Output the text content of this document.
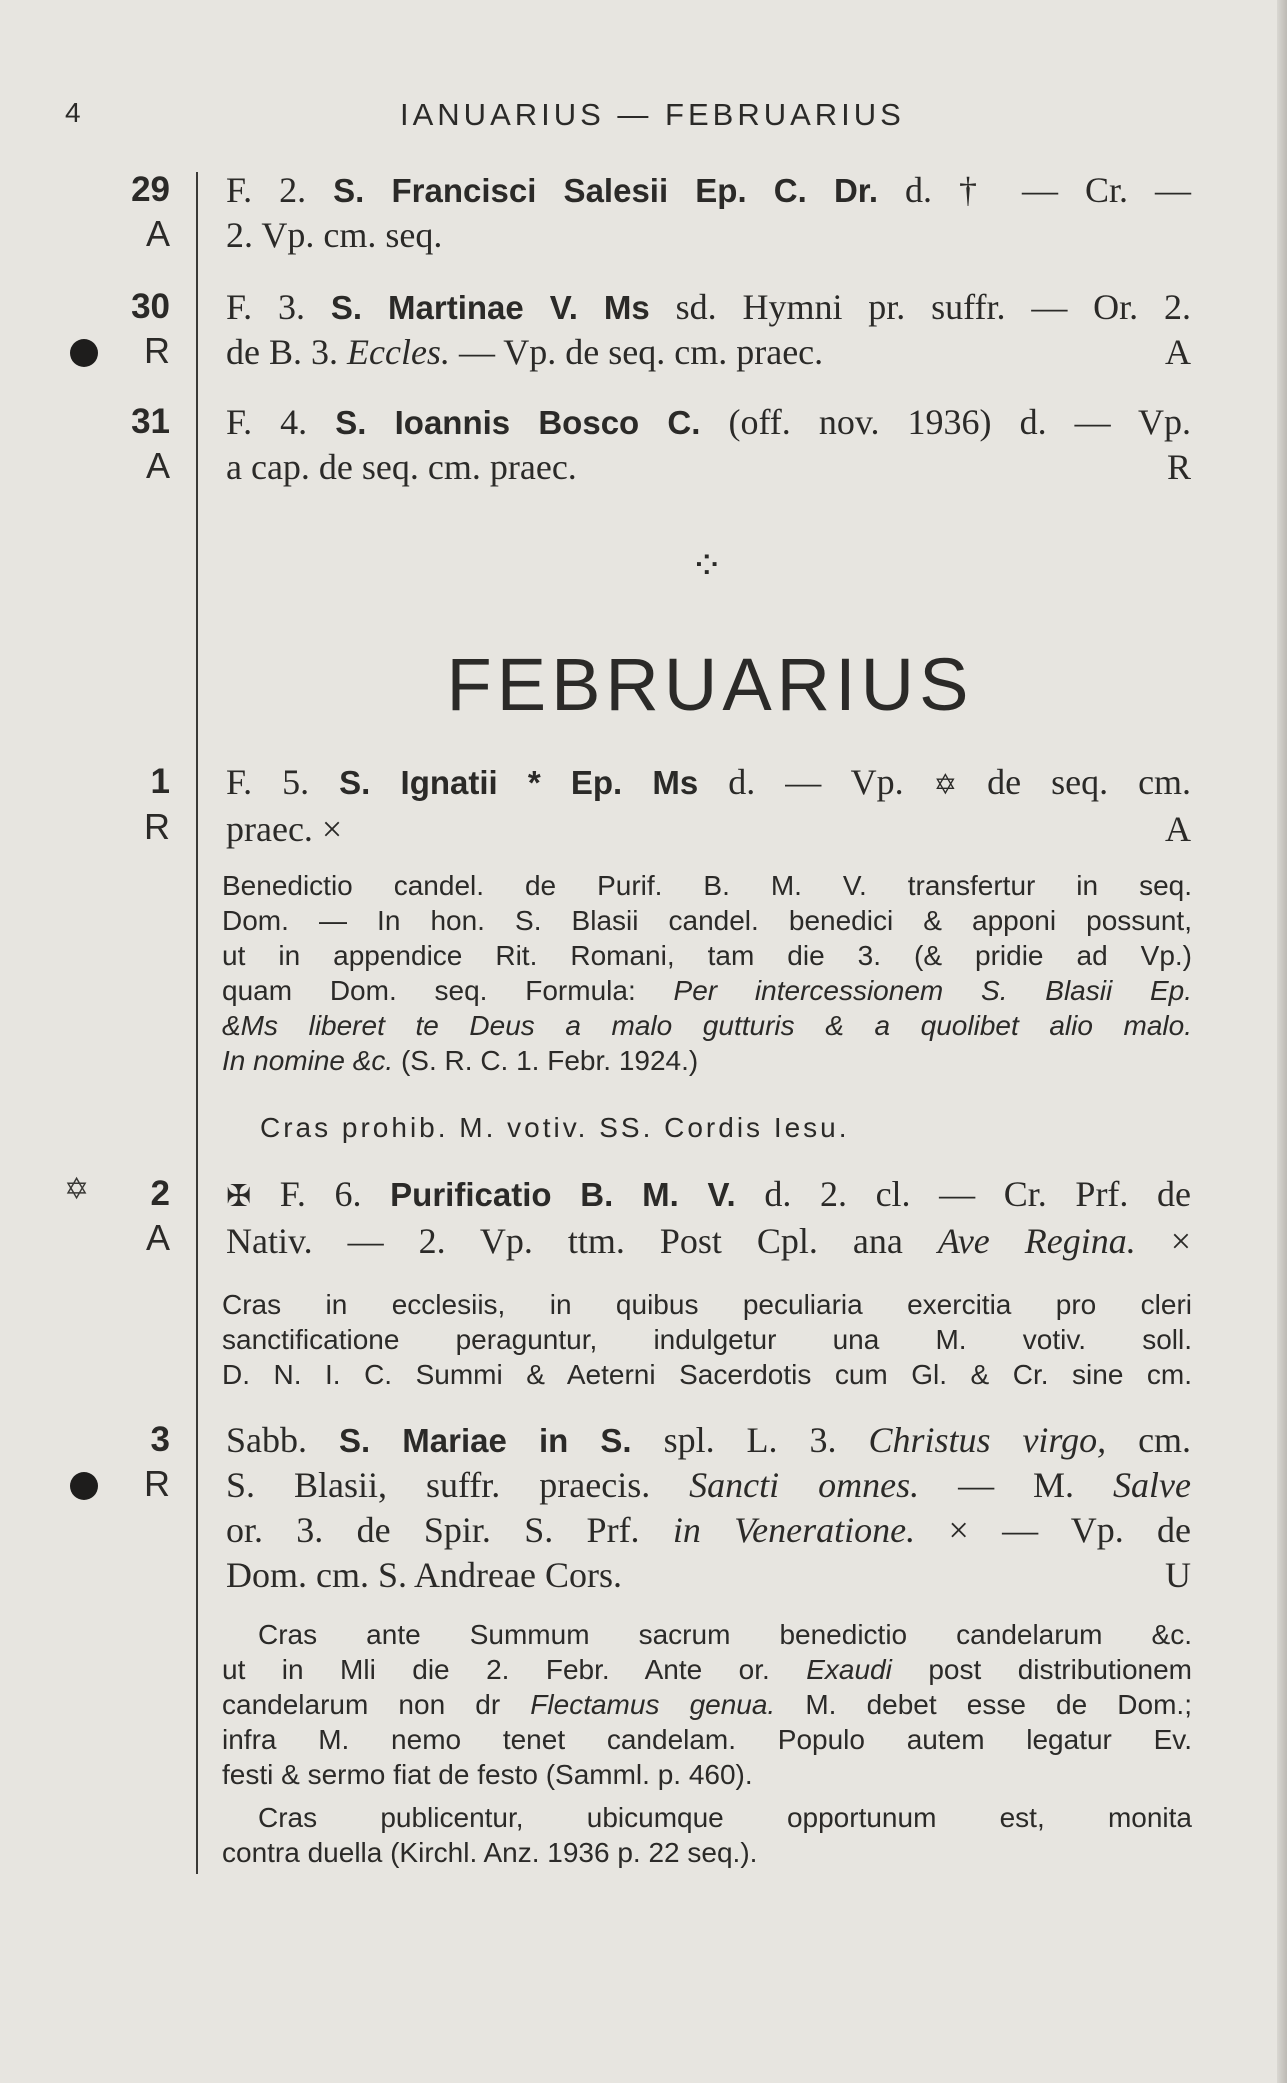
4	IANUARIUS — FEBRUARIUS
29
A
F. 2. S. Francisci Salesii Ep. C. Dr. d. † — Cr. —
2. Vp. cm. seq.
30
R
F. 3. S. Martinae V. Ms sd. Hymni pr. suffr. — Or. 2.
de B. 3. Eccles. — Vp. de seq. cm. praec.	A
31
A
F. 4. S. Ioannis Bosco C. (off. nov. 1936) d. — Vp.
a cap. de seq. cm. praec.	R
⁘
FEBRUARIUS
1
R
F. 5. S. Ignatii * Ep. Ms d. — Vp. ✡ de seq. cm.
praec. ×	A
Benedictio candel. de Purif. B. M. V. transfertur in seq.
Dom. — In hon. S. Blasii candel. benedici & apponi possunt,
ut in appendice Rit. Romani, tam die 3. (& pridie ad Vp.)
quam Dom. seq. Formula: Per intercessionem S. Blasii Ep.
&Ms liberet te Deus a malo gutturis & a quolibet alio malo.
In nomine &c. (S. R. C. 1. Febr. 1924.)
Cras prohib. M. votiv. SS. Cordis Iesu.
✡	2
A
✠ F. 6. Purificatio B. M. V. d. 2. cl. — Cr. Prf. de
Nativ. — 2. Vp. ttm. Post Cpl. ana Ave Regina. ×
Cras in ecclesiis, in quibus peculiaria exercitia pro cleri
sanctificatione peraguntur, indulgetur una M. votiv. soll.
D. N. I. C. Summi & Aeterni Sacerdotis cum Gl. & Cr. sine cm.
3
R
Sabb. S. Mariae in S. spl. L. 3. Christus virgo, cm.
S. Blasii, suffr. praecis. Sancti omnes. — M. Salve
or. 3. de Spir. S. Prf. in Veneratione. × — Vp. de
Dom. cm. S. Andreae Cors.	U
Cras ante Summum sacrum benedictio candelarum &c.
ut in Mli die 2. Febr. Ante or. Exaudi post distributionem
candelarum non dr Flectamus genua. M. debet esse de Dom.;
infra M. nemo tenet candelam. Populo autem legatur Ev.
festi & sermo fiat de festo (Samml. p. 460).
Cras publicentur, ubicumque opportunum est, monita
contra duella (Kirchl. Anz. 1936 p. 22 seq.).
